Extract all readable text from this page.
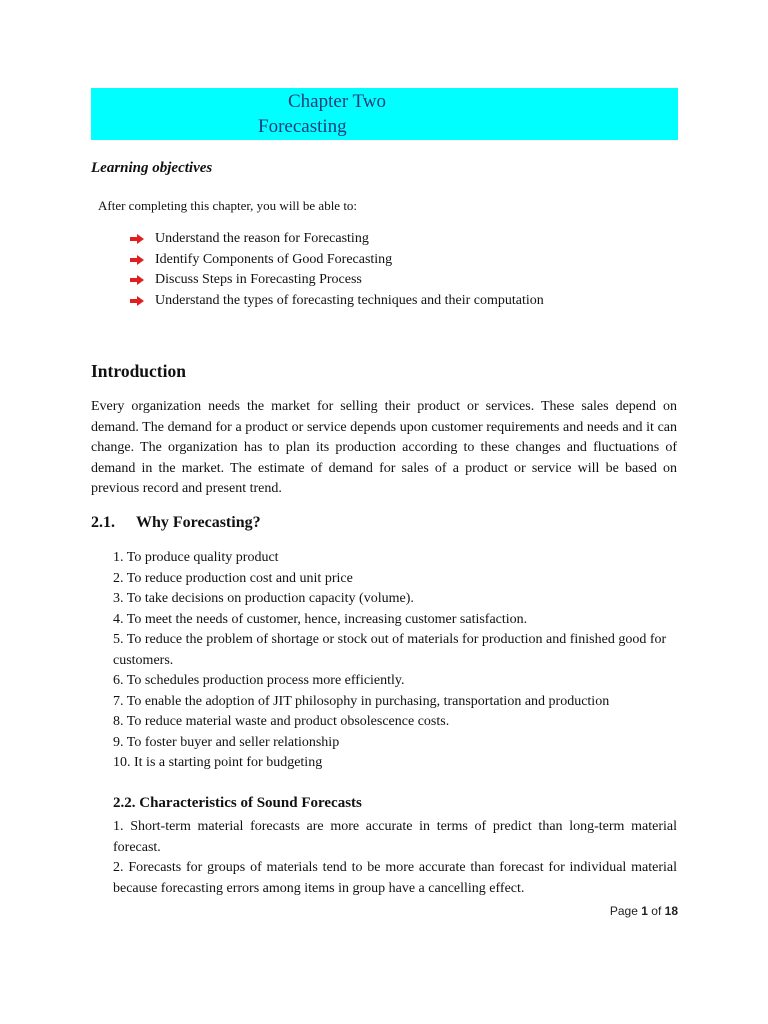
Chapter Two
Forecasting
Learning objectives
After completing this chapter, you will be able to:
Understand the reason for Forecasting
Identify Components of Good Forecasting
Discuss Steps in Forecasting Process
Understand the types of forecasting techniques and their computation
Introduction

Every organization needs the market for selling their product or services. These sales depend on demand. The demand for a product or service depends upon customer requirements and needs and it can change. The organization has to plan its production according to these changes and fluctuations of demand in the market. The estimate of demand for sales of a product or service will be based on previous record and present trend.

2.1. Why Forecasting?
1. To produce quality product
2. To reduce production cost and unit price
3. To take decisions on production capacity (volume).
4. To meet the needs of customer, hence, increasing customer satisfaction.
5. To reduce the problem of shortage or stock out of materials for production and finished good for customers.
6. To schedules production process more efficiently.
7. To enable the adoption of JIT philosophy in purchasing, transportation and production
8. To reduce material waste and product obsolescence costs.
9. To foster buyer and seller relationship
10. It is a starting point for budgeting
2.2. Characteristics of Sound Forecasts

1. Short-term material forecasts are more accurate in terms of predict than long-term material forecast.

2. Forecasts for groups of materials tend to be more accurate than forecast for individual material because forecasting errors among items in group have a cancelling effect.

Page 1 of 18
